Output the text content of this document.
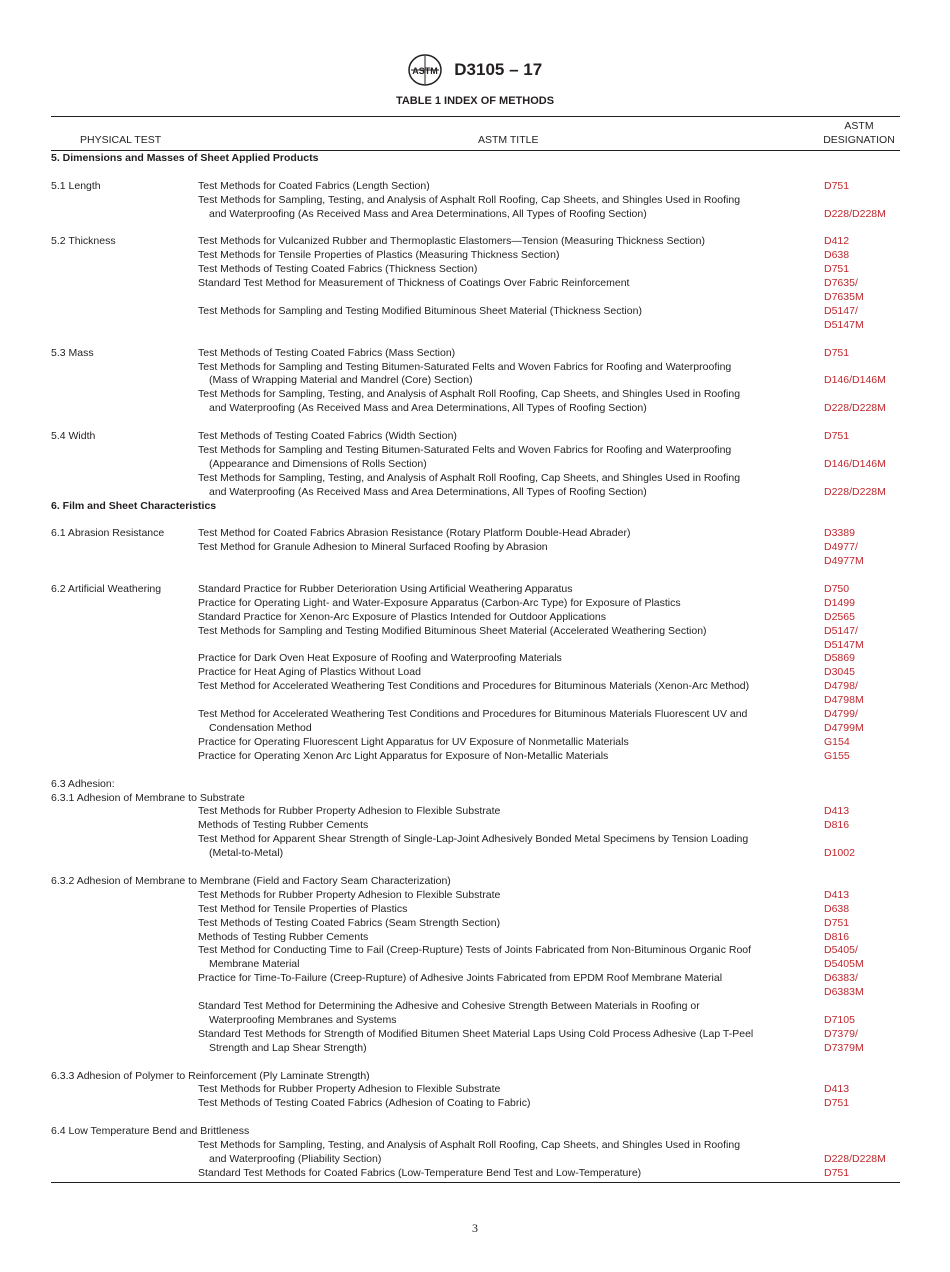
ASTM D3105 – 17
TABLE 1 INDEX OF METHODS
PHYSICAL TEST	ASTM TITLE
ASTM
DESIGNATION
5. Dimensions and Masses of Sheet Applied Products
5.1 Length	Test Methods for Coated Fabrics (Length Section)	D751
Test Methods for Sampling, Testing, and Analysis of Asphalt Roll Roofing, Cap Sheets, and Shingles Used in Roofing
and Waterproofing (As Received Mass and Area Determinations, All Types of Roofing Section)
	D228/D228M
5.2 Thickness	Test Methods for Vulcanized Rubber and Thermoplastic Elastomers—Tension (Measuring Thickness Section)	D412
Test Methods for Tensile Properties of Plastics (Measuring Thickness Section)	D638
Test Methods of Testing Coated Fabrics (Thickness Section)	D751
Standard Test Method for Measurement of Thickness of Coatings Over Fabric Reinforcement	D7635/
D7635M
Test Methods for Sampling and Testing Modified Bituminous Sheet Material (Thickness Section)	D5147/
D5147M
5.3 Mass	Test Methods of Testing Coated Fabrics (Mass Section)	D751
Test Methods for Sampling and Testing Bitumen-Saturated Felts and Woven Fabrics for Roofing and Waterproofing
(Mass of Wrapping Material and Mandrel (Core) Section)
	D146/D146M
Test Methods for Sampling, Testing, and Analysis of Asphalt Roll Roofing, Cap Sheets, and Shingles Used in Roofing
and Waterproofing (As Received Mass and Area Determinations, All Types of Roofing Section)
	D228/D228M
5.4 Width	Test Methods of Testing Coated Fabrics (Width Section)	D751
Test Methods for Sampling and Testing Bitumen-Saturated Felts and Woven Fabrics for Roofing and Waterproofing
(Appearance and Dimensions of Rolls Section)
	D146/D146M
Test Methods for Sampling, Testing, and Analysis of Asphalt Roll Roofing, Cap Sheets, and Shingles Used in Roofing
and Waterproofing (As Received Mass and Area Determinations, All Types of Roofing Section)
	D228/D228M
6. Film and Sheet Characteristics
6.1 Abrasion Resistance	Test Method for Coated Fabrics Abrasion Resistance (Rotary Platform Double-Head Abrader)	D3389
Test Method for Granule Adhesion to Mineral Surfaced Roofing by Abrasion	D4977/
D4977M
6.2 Artificial Weathering	Standard Practice for Rubber Deterioration Using Artificial Weathering Apparatus	D750
Practice for Operating Light- and Water-Exposure Apparatus (Carbon-Arc Type) for Exposure of Plastics	D1499
Standard Practice for Xenon-Arc Exposure of Plastics Intended for Outdoor Applications	D2565
Test Methods for Sampling and Testing Modified Bituminous Sheet Material (Accelerated Weathering Section)	D5147/
D5147M
Practice for Dark Oven Heat Exposure of Roofing and Waterproofing Materials	D5869
Practice for Heat Aging of Plastics Without Load	D3045
Test Method for Accelerated Weathering Test Conditions and Procedures for Bituminous Materials (Xenon-Arc Method)	D4798/
D4798M
Test Method for Accelerated Weathering Test Conditions and Procedures for Bituminous Materials Fluorescent UV and
Condensation Method
D4799/
D4799M
Practice for Operating Fluorescent Light Apparatus for UV Exposure of Nonmetallic Materials	G154
Practice for Operating Xenon Arc Light Apparatus for Exposure of Non-Metallic Materials	G155
6.3 Adhesion:
6.3.1 Adhesion of Membrane to Substrate
Test Methods for Rubber Property Adhesion to Flexible Substrate	D413
Methods of Testing Rubber Cements	D816
Test Method for Apparent Shear Strength of Single-Lap-Joint Adhesively Bonded Metal Specimens by Tension Loading
(Metal-to-Metal)
	D1002
6.3.2 Adhesion of Membrane to Membrane (Field and Factory Seam Characterization)
Test Methods for Rubber Property Adhesion to Flexible Substrate	D413
Test Method for Tensile Properties of Plastics	D638
Test Methods of Testing Coated Fabrics (Seam Strength Section)	D751
Methods of Testing Rubber Cements	D816
Test Method for Conducting Time to Fail (Creep-Rupture) Tests of Joints Fabricated from Non-Bituminous Organic Roof
Membrane Material
D5405/
D5405M
Practice for Time-To-Failure (Creep-Rupture) of Adhesive Joints Fabricated from EPDM Roof Membrane Material	D6383/
D6383M
Standard Test Method for Determining the Adhesive and Cohesive Strength Between Materials in Roofing or
Waterproofing Membranes and Systems
	D7105
Standard Test Methods for Strength of Modified Bitumen Sheet Material Laps Using Cold Process Adhesive (Lap T-Peel
Strength and Lap Shear Strength)
D7379/
D7379M
6.3.3 Adhesion of Polymer to Reinforcement (Ply Laminate Strength)
Test Methods for Rubber Property Adhesion to Flexible Substrate	D413
Test Methods of Testing Coated Fabrics (Adhesion of Coating to Fabric)	D751
6.4 Low Temperature Bend and Brittleness
Test Methods for Sampling, Testing, and Analysis of Asphalt Roll Roofing, Cap Sheets, and Shingles Used in Roofing
and Waterproofing (Pliability Section)
	D228/D228M
Standard Test Methods for Coated Fabrics (Low-Temperature Bend Test and Low-Temperature)	D751
3
